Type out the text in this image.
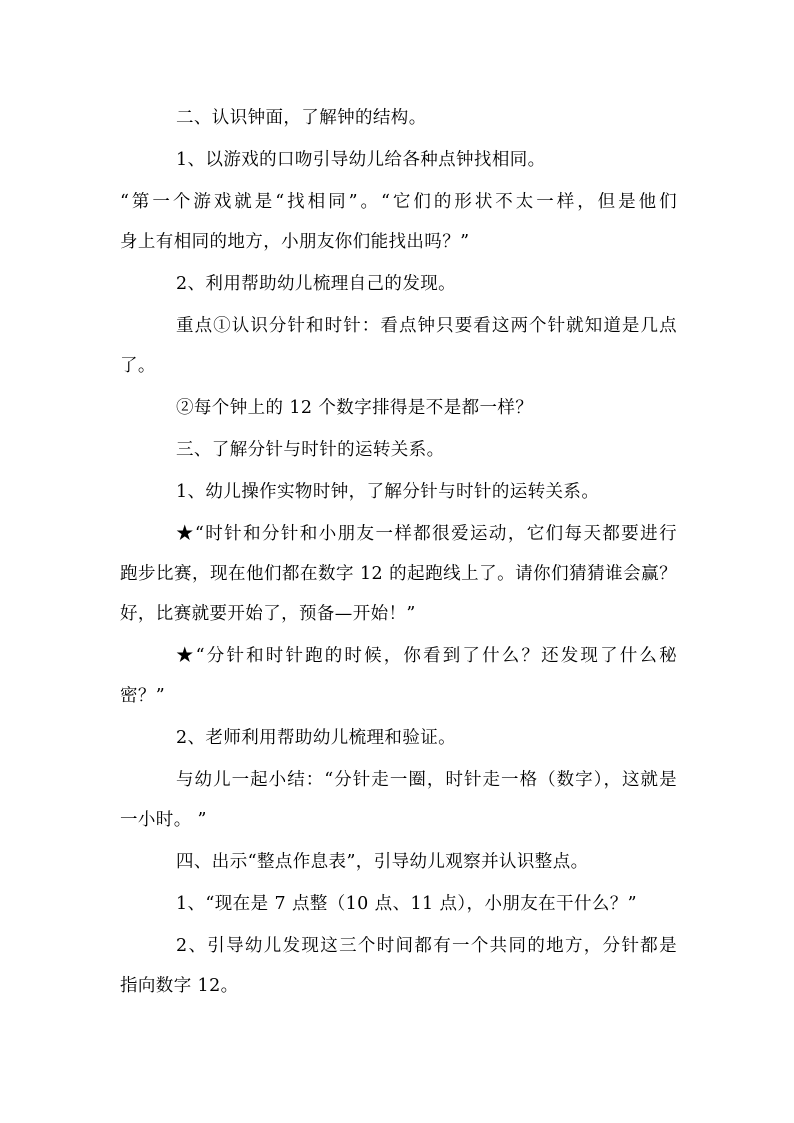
二、认识钟面，了解钟的结构。
1、以游戏的口吻引导幼儿给各种点钟找相同。
“第一个游戏就是“找相同”。“它们的形状不太一样，但是他们
身上有相同的地方，小朋友你们能找出吗？”
2、利用帮助幼儿梳理自己的发现。
重点①认识分针和时针：看点钟只要看这两个针就知道是几点
了。
②每个钟上的 12 个数字排得是不是都一样？
三、了解分针与时针的运转关系。
1、幼儿操作实物时钟，了解分针与时针的运转关系。
★“时针和分针和小朋友一样都很爱运动，它们每天都要进行
跑步比赛，现在他们都在数字 12 的起跑线上了。请你们猜猜谁会赢？
好，比赛就要开始了，预备—开始！”
★“分针和时针跑的时候，你看到了什么？还发现了什么秘
密？”
2、老师利用帮助幼儿梳理和验证。
与幼儿一起小结：“分针走一圈，时针走一格（数字），这就是
一小时。 ”
四、出示“整点作息表”，引导幼儿观察并认识整点。
1、“现在是 7 点整（10 点、11 点），小朋友在干什么？”
2、引导幼儿发现这三个时间都有一个共同的地方，分针都是
指向数字 12。
